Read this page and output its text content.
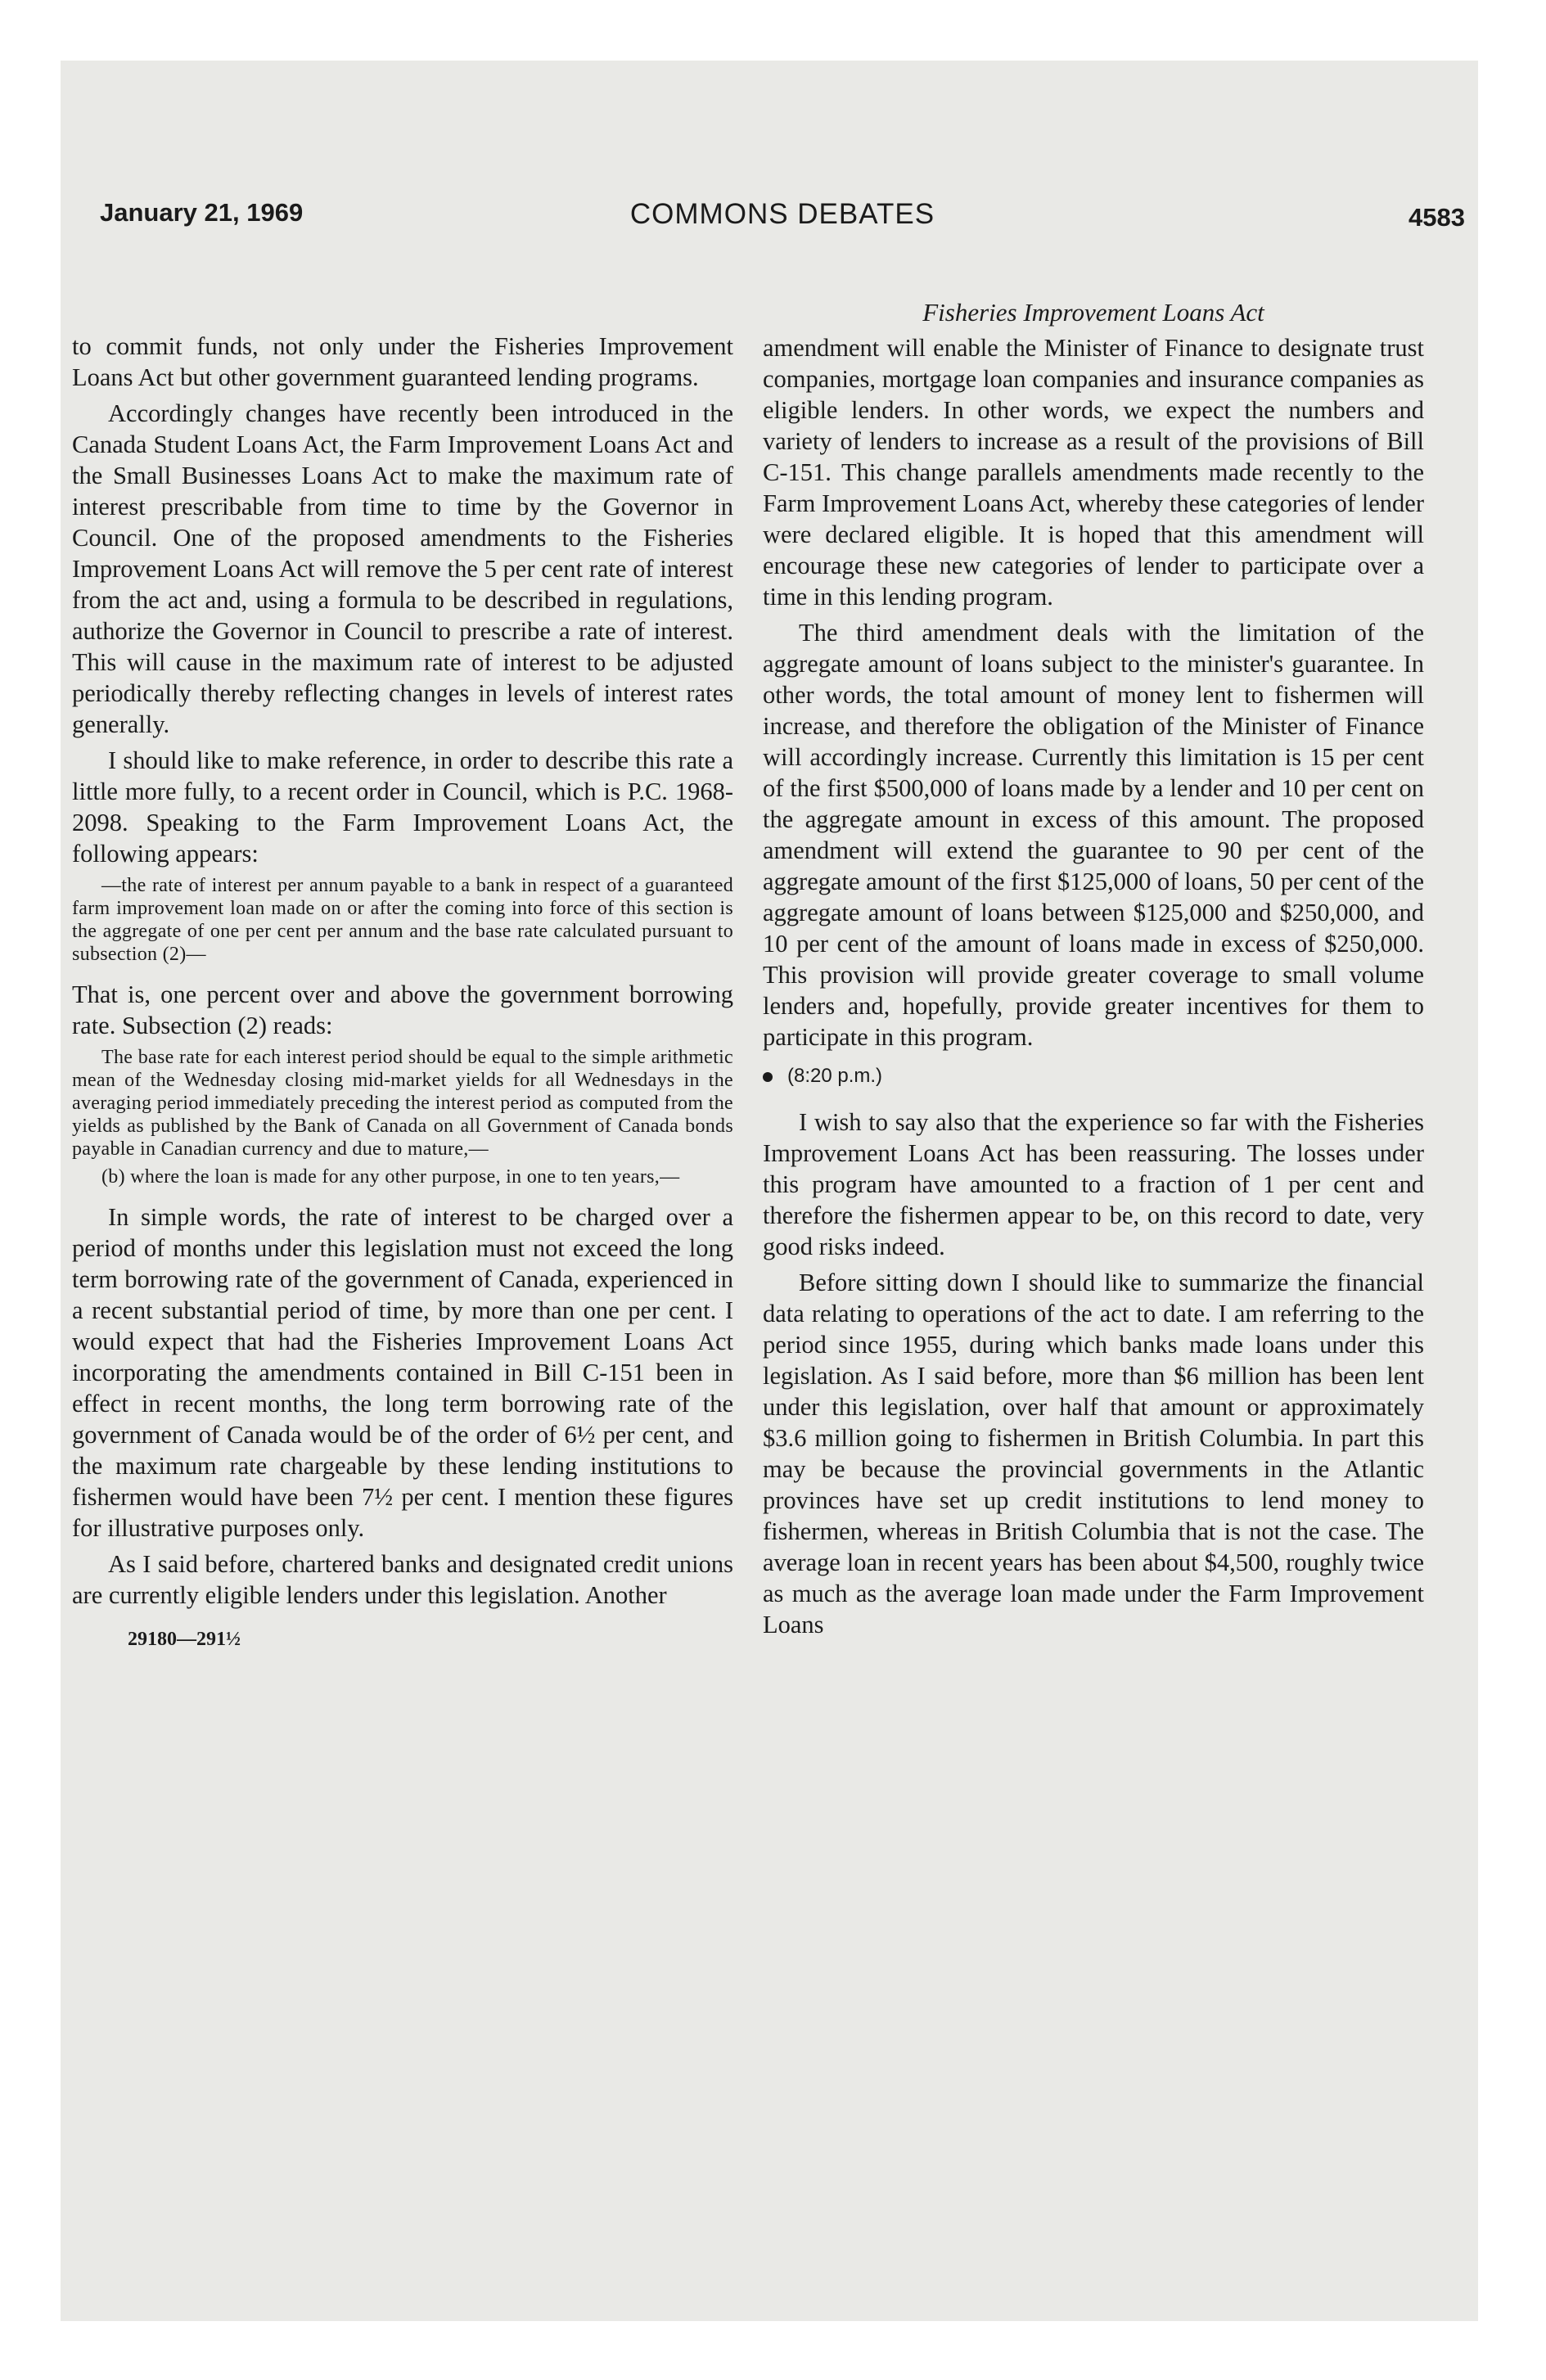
January 21, 1969	COMMONS DEBATES	4583

to commit funds, not only under the Fisheries Improvement Loans Act but other government guaranteed lending programs.

Accordingly changes have recently been introduced in the Canada Student Loans Act, the Farm Improvement Loans Act and the Small Businesses Loans Act to make the maximum rate of interest prescribable from time to time by the Governor in Council. One of the proposed amendments to the Fisheries Improvement Loans Act will remove the 5 per cent rate of interest from the act and, using a formula to be described in regulations, authorize the Governor in Council to prescribe a rate of interest. This will cause in the maximum rate of interest to be adjusted periodically thereby reflecting changes in levels of interest rates generally.

I should like to make reference, in order to describe this rate a little more fully, to a recent order in Council, which is P.C. 1968-2098. Speaking to the Farm Improvement Loans Act, the following appears:

—the rate of interest per annum payable to a bank in respect of a guaranteed farm improvement loan made on or after the coming into force of this section is the aggregate of one per cent per annum and the base rate calculated pursuant to subsection (2)—

That is, one percent over and above the government borrowing rate. Subsection (2) reads:

The base rate for each interest period should be equal to the simple arithmetic mean of the Wednesday closing mid-market yields for all Wednesdays in the averaging period immediately preceding the interest period as computed from the yields as published by the Bank of Canada on all Government of Canada bonds payable in Canadian currency and due to mature,—
(b) where the loan is made for any other purpose, in one to ten years,—

In simple words, the rate of interest to be charged over a period of months under this legislation must not exceed the long term borrowing rate of the government of Canada, experienced in a recent substantial period of time, by more than one per cent. I would expect that had the Fisheries Improvement Loans Act incorporating the amendments contained in Bill C-151 been in effect in recent months, the long term borrowing rate of the government of Canada would be of the order of 6½ per cent, and the maximum rate chargeable by these lending institutions to fishermen would have been 7½ per cent. I mention these figures for illustrative purposes only.

As I said before, chartered banks and designated credit unions are currently eligible lenders under this legislation. Another

29180—291½
Fisheries Improvement Loans Act

amendment will enable the Minister of Finance to designate trust companies, mortgage loan companies and insurance companies as eligible lenders. In other words, we expect the numbers and variety of lenders to increase as a result of the provisions of Bill C-151. This change parallels amendments made recently to the Farm Improvement Loans Act, whereby these categories of lender were declared eligible. It is hoped that this amendment will encourage these new categories of lender to participate over a time in this lending program.

The third amendment deals with the limitation of the aggregate amount of loans subject to the minister's guarantee. In other words, the total amount of money lent to fishermen will increase, and therefore the obligation of the Minister of Finance will accordingly increase. Currently this limitation is 15 per cent of the first $500,000 of loans made by a lender and 10 per cent on the aggregate amount in excess of this amount. The proposed amendment will extend the guarantee to 90 per cent of the aggregate amount of the first $125,000 of loans, 50 per cent of the aggregate amount of loans between $125,000 and $250,000, and 10 per cent of the amount of loans made in excess of $250,000. This provision will provide greater coverage to small volume lenders and, hopefully, provide greater incentives for them to participate in this program.

(8:20 p.m.)

I wish to say also that the experience so far with the Fisheries Improvement Loans Act has been reassuring. The losses under this program have amounted to a fraction of 1 per cent and therefore the fishermen appear to be, on this record to date, very good risks indeed.

Before sitting down I should like to summarize the financial data relating to operations of the act to date. I am referring to the period since 1955, during which banks made loans under this legislation. As I said before, more than $6 million has been lent under this legislation, over half that amount or approximately $3.6 million going to fishermen in British Columbia. In part this may be because the provincial governments in the Atlantic provinces have set up credit institutions to lend money to fishermen, whereas in British Columbia that is not the case. The average loan in recent years has been about $4,500, roughly twice as much as the average loan made under the Farm Improvement Loans
